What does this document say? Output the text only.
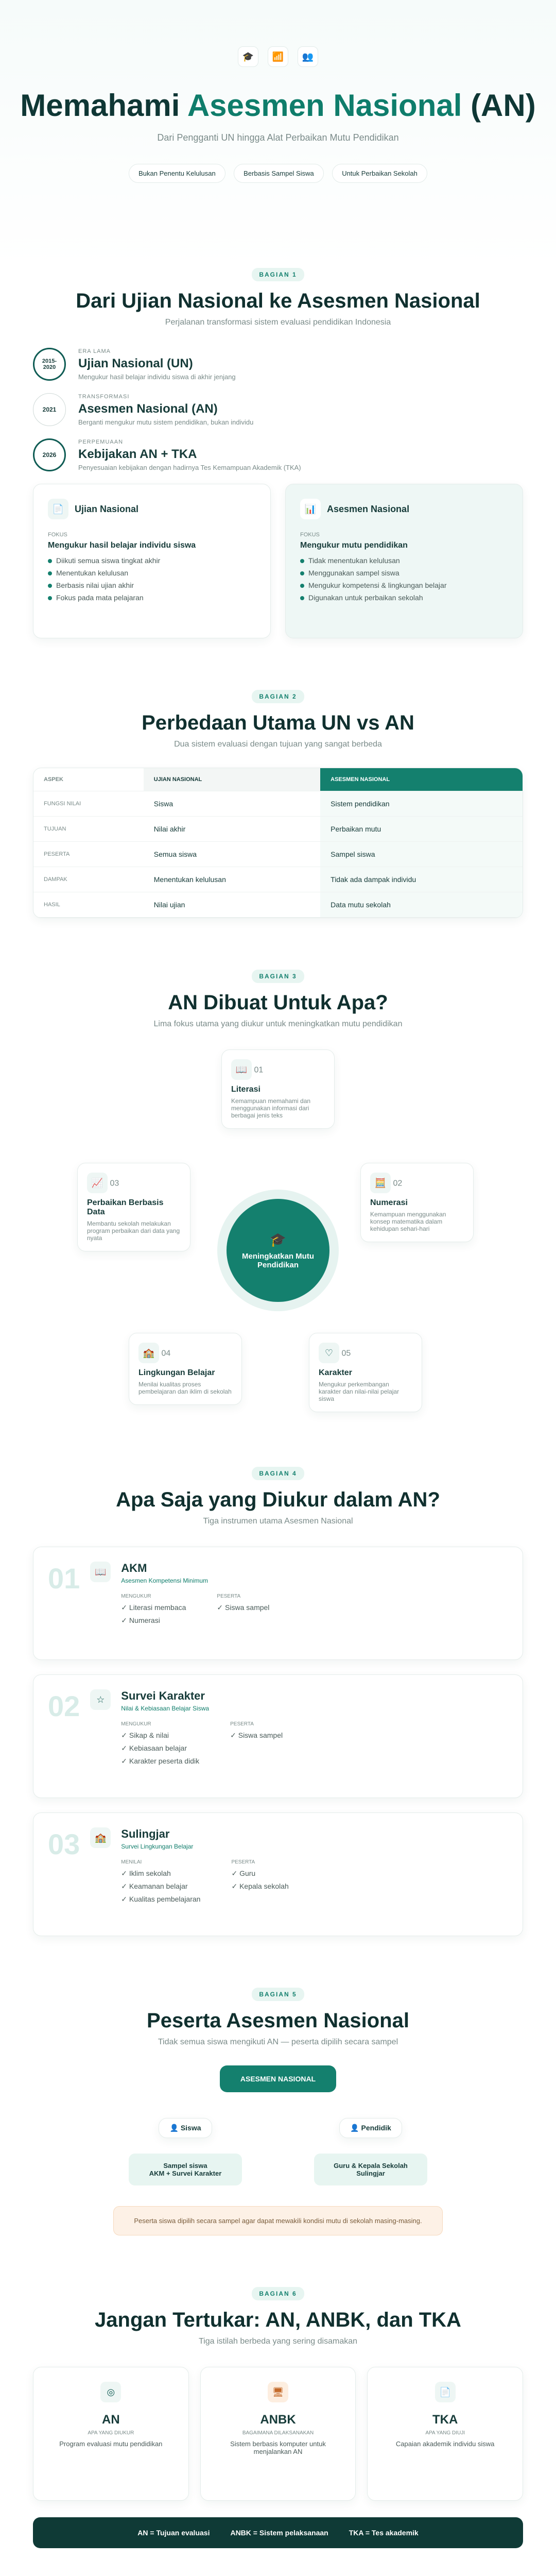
🎓	📶	👥
Memahami Asesmen Nasional (AN)
Dari Pengganti UN hingga Alat Perbaikan Mutu Pendidikan
Bukan Penentu Kelulusan	Berbasis Sampel Siswa	Untuk Perbaikan Sekolah
BAGIAN 1
Dari Ujian Nasional ke Asesmen Nasional
Perjalanan transformasi sistem evaluasi pendidikan Indonesia
2015-2020
ERA LAMA
Ujian Nasional (UN)
Mengukur hasil belajar individu siswa di akhir jenjang
2021
TRANSFORMASI
Asesmen Nasional (AN)
Berganti mengukur mutu sistem pendidikan, bukan individu
2026
PERPEMUAAN
Kebijakan AN + TKA
Penyesuaian kebijakan dengan hadirnya Tes Kemampuan Akademik (TKA)
📄	Ujian Nasional
FOKUS
Mengukur hasil belajar individu siswa
Diikuti semua siswa tingkat akhir
Menentukan kelulusan
Berbasis nilai ujian akhir
Fokus pada mata pelajaran
📊	Asesmen Nasional
FOKUS
Mengukur mutu pendidikan
Tidak menentukan kelulusan
Menggunakan sampel siswa
Mengukur kompetensi & lingkungan belajar
Digunakan untuk perbaikan sekolah
BAGIAN 2
Perbedaan Utama UN vs AN
Dua sistem evaluasi dengan tujuan yang sangat berbeda
ASPEK	UJIAN NASIONAL	ASESMEN NASIONAL
FUNGSI NILAI	Siswa	Sistem pendidikan
TUJUAN	Nilai akhir	Perbaikan mutu
PESERTA	Semua siswa	Sampel siswa
DAMPAK	Menentukan kelulusan	Tidak ada dampak individu
HASIL	Nilai ujian	Data mutu sekolah
BAGIAN 3
AN Dibuat Untuk Apa?
Lima fokus utama yang diukur untuk meningkatkan mutu pendidikan
📖 01
Literasi
Kemampuan memahami dan menggunakan informasi dari berbagai jenis teks
🧮 02
Numerasi
Kemampuan menggunakan konsep matematika dalam kehidupan sehari-hari
📈 03
Perbaikan Berbasis Data
Membantu sekolah melakukan program perbaikan dari data yang nyata	🎓
Meningkatkan Mutu Pendidikan
🏫 04
Lingkungan Belajar
Menilai kualitas proses pembelajaran dan iklim di sekolah
♡ 05
Karakter
Mengukur perkembangan karakter dan nilai-nilai pelajar siswa
BAGIAN 4
Apa Saja yang Diukur dalam AN?
Tiga instrumen utama Asesmen Nasional
01	📖	AKM
Asesmen Kompetensi Minimum
MENGUKUR
✓ Literasi membaca
✓ Numerasi
PESERTA
✓ Siswa sampel
02	☆	Survei Karakter
Nilai & Kebiasaan Belajar Siswa
MENGUKUR
✓ Sikap & nilai
✓ Kebiasaan belajar
✓ Karakter peserta didik
PESERTA
✓ Siswa sampel
03	🏫	Sulingjar
Survei Lingkungan Belajar
MENILAI
✓ Iklim sekolah
✓ Keamanan belajar
✓ Kualitas pembelajaran
PESERTA
✓ Guru
✓ Kepala sekolah
BAGIAN 5
Peserta Asesmen Nasional
Tidak semua siswa mengikuti AN — peserta dipilih secara sampel
ASESMEN NASIONAL
👤 Siswa
Sampel siswa
AKM + Survei Karakter
👤 Pendidik
Guru & Kepala Sekolah
Sulingjar
Peserta siswa dipilih secara sampel agar dapat mewakili kondisi mutu di sekolah masing-masing.
BAGIAN 6
Jangan Tertukar: AN, ANBK, dan TKA
Tiga istilah berbeda yang sering disamakan
◎
AN
APA YANG DIUKUR
Program evaluasi mutu pendidikan
🖥
ANBK
BAGAIMANA DILAKSANAKAN
Sistem berbasis komputer untuk menjalankan AN
📄
TKA
APA YANG DIUJI
Capaian akademik individu siswa
AN = Tujuan evaluasi	ANBK = Sistem pelaksanaan	TKA = Tes akademik
